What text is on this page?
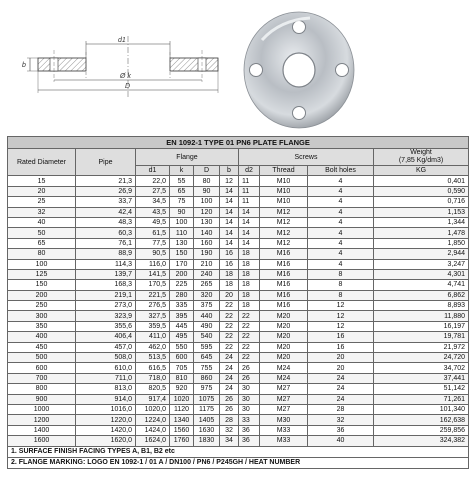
d1
b
Ø k
D
EN 1092-1 TYPE 01 PN6 PLATE FLANGE									
Rated Diameter	Pipe	Flange				Screws			Weight
(7,85 Kg/dm3)
		d1	k	D	b	d2	Thread	Bolt holes	KG
15	21,3	22,0	55	80	12	11	M10	4	0,401
20	26,9	27,5	65	90	14	11	M10	4	0,590
25	33,7	34,5	75	100	14	11	M10	4	0,716
32	42,4	43,5	90	120	14	14	M12	4	1,153
40	48,3	49,5	100	130	14	14	M12	4	1,344
50	60,3	61,5	110	140	14	14	M12	4	1,478
65	76,1	77,5	130	160	14	14	M12	4	1,850
80	88,9	90,5	150	190	16	18	M16	4	2,944
100	114,3	116,0	170	210	16	18	M16	4	3,247
125	139,7	141,5	200	240	18	18	M16	8	4,301
150	168,3	170,5	225	265	18	18	M16	8	4,741
200	219,1	221,5	280	320	20	18	M16	8	6,862
250	273,0	276,5	335	375	22	18	M16	12	8,893
300	323,9	327,5	395	440	22	22	M20	12	11,880
350	355,6	359,5	445	490	22	22	M20	12	16,197
400	406,4	411,0	495	540	22	22	M20	16	19,781
450	457,0	462,0	550	595	22	22	M20	16	21,972
500	508,0	513,5	600	645	24	22	M20	20	24,720
600	610,0	616,5	705	755	24	26	M24	20	34,702
700	711,0	718,0	810	860	24	26	M24	24	37,441
800	813,0	820,5	920	975	24	30	M27	24	51,142
900	914,0	917,4	1020	1075	26	30	M27	24	71,261
1000	1016,0	1020,0	1120	1175	26	30	M27	28	101,340
1200	1220,0	1224,0	1340	1405	28	33	M30	32	162,638
1400	1420,0	1424,0	1560	1630	32	36	M33	36	259,856
1600	1620,0	1624,0	1760	1830	34	36	M33	40	324,382
1. SURFACE FINISH FACING TYPES A, B1, B2 etc									
2. FLANGE MARKING: LOGO EN 1092-1 / 01 A / DN100 / PN6 / P245GH / HEAT NUMBER									
